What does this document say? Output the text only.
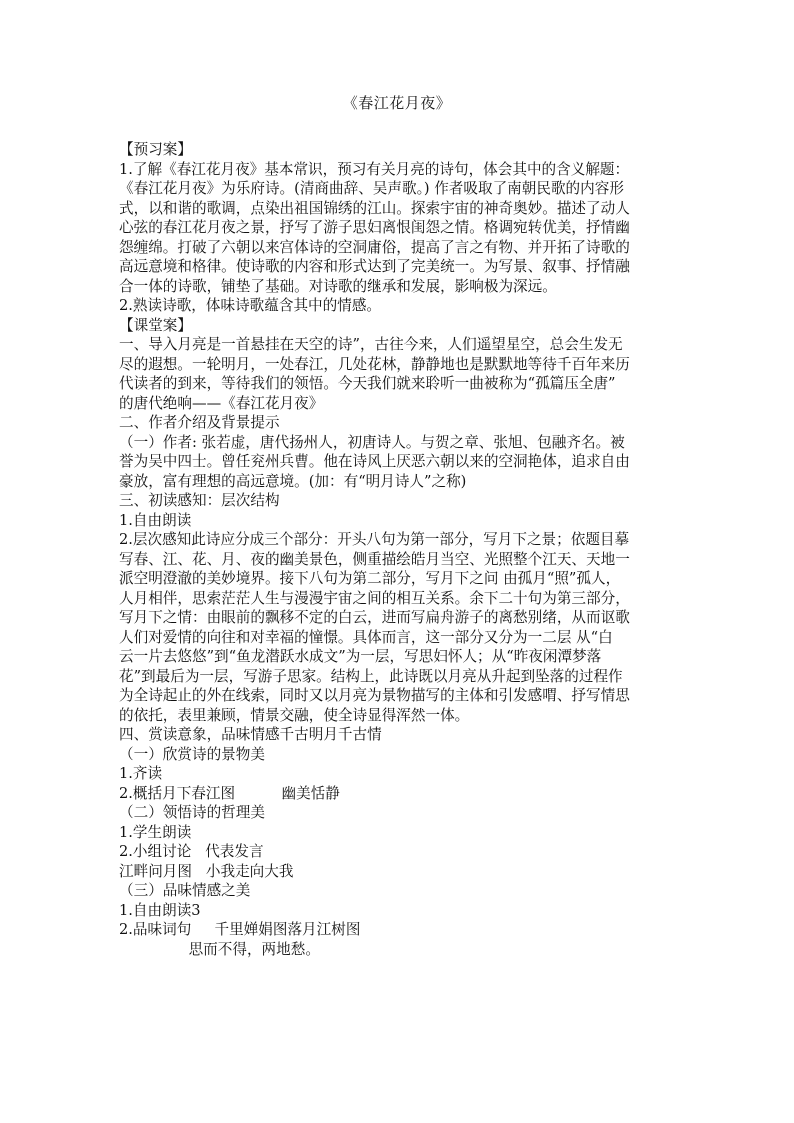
《春江花月夜》
【预习案】
1.了解《春江花月夜》基本常识，预习有关月亮的诗句，体会其中的含义解题：
《春江花月夜》为乐府诗。(清商曲辞、吴声歌。) 作者吸取了南朝民歌的内容形
式，以和谐的歌调，点染出祖国锦绣的江山。探索宇宙的神奇奥妙。描述了动人
心弦的春江花月夜之景，抒写了游子思妇离恨闺怨之情。格调宛转优美，抒情幽
怨缠绵。打破了六朝以来宫体诗的空洞庸俗，提高了言之有物、并开拓了诗歌的
高远意境和格律。使诗歌的内容和形式达到了完美统一。为写景、叙事、抒情融
合一体的诗歌，铺垫了基础。对诗歌的继承和发展，影响极为深远。
2.熟读诗歌，体味诗歌蕴含其中的情感。
【课堂案】
一、导入月亮是一首悬挂在天空的诗”，古往今来，人们遥望星空，总会生发无
尽的遐想。一轮明月，一处春江，几处花林，静静地也是默默地等待千百年来历
代读者的到来，等待我们的领悟。今天我们就来聆听一曲被称为“孤篇压全唐”
的唐代绝响——《春江花月夜》
二、作者介绍及背景提示
（一）作者: 张若虚，唐代扬州人，初唐诗人。与贺之章、张旭、包融齐名。被
誉为吴中四士。曾任兖州兵曹。他在诗风上厌恶六朝以来的空洞艳体，追求自由
豪放，富有理想的高远意境。(加：有“明月诗人”之称)
三、初读感知：层次结构
1.自由朗读
2.层次感知此诗应分成三个部分：开头八句为第一部分，写月下之景；依题目摹
写春、江、花、月、夜的幽美景色，侧重描绘皓月当空、光照整个江天、天地一
派空明澄澈的美妙境界。接下八句为第二部分，写月下之问 由孤月“照”孤人，
人月相伴，思索茫茫人生与漫漫宇宙之间的相互关系。余下二十句为第三部分，
写月下之情：由眼前的飘移不定的白云，进而写扁舟游子的离愁别绪，从而讴歌
人们对爱情的向往和对幸福的憧憬。具体而言，这一部分又分为一二层 从“白
云一片去悠悠”到“鱼龙潜跃水成文”为一层，写思妇怀人；从“昨夜闲潭梦落
花”到最后为一层，写游子思家。结构上，此诗既以月亮从升起到坠落的过程作
为全诗起止的外在线索，同时又以月亮为景物描写的主体和引发感喟、抒写情思
的依托，表里兼顾，情景交融，使全诗显得浑然一体。
四、赏读意象，品味情感千古明月千古情
（一）欣赏诗的景物美
1.齐读
2.概括月下春江图          幽美恬静
（二）领悟诗的哲理美
1.学生朗读
2.小组讨论   代表发言
江畔问月图   小我走向大我
（三）品味情感之美
1.自由朗读3
2.品味词句     千里婵娟图落月江树图
思而不得，两地愁。
